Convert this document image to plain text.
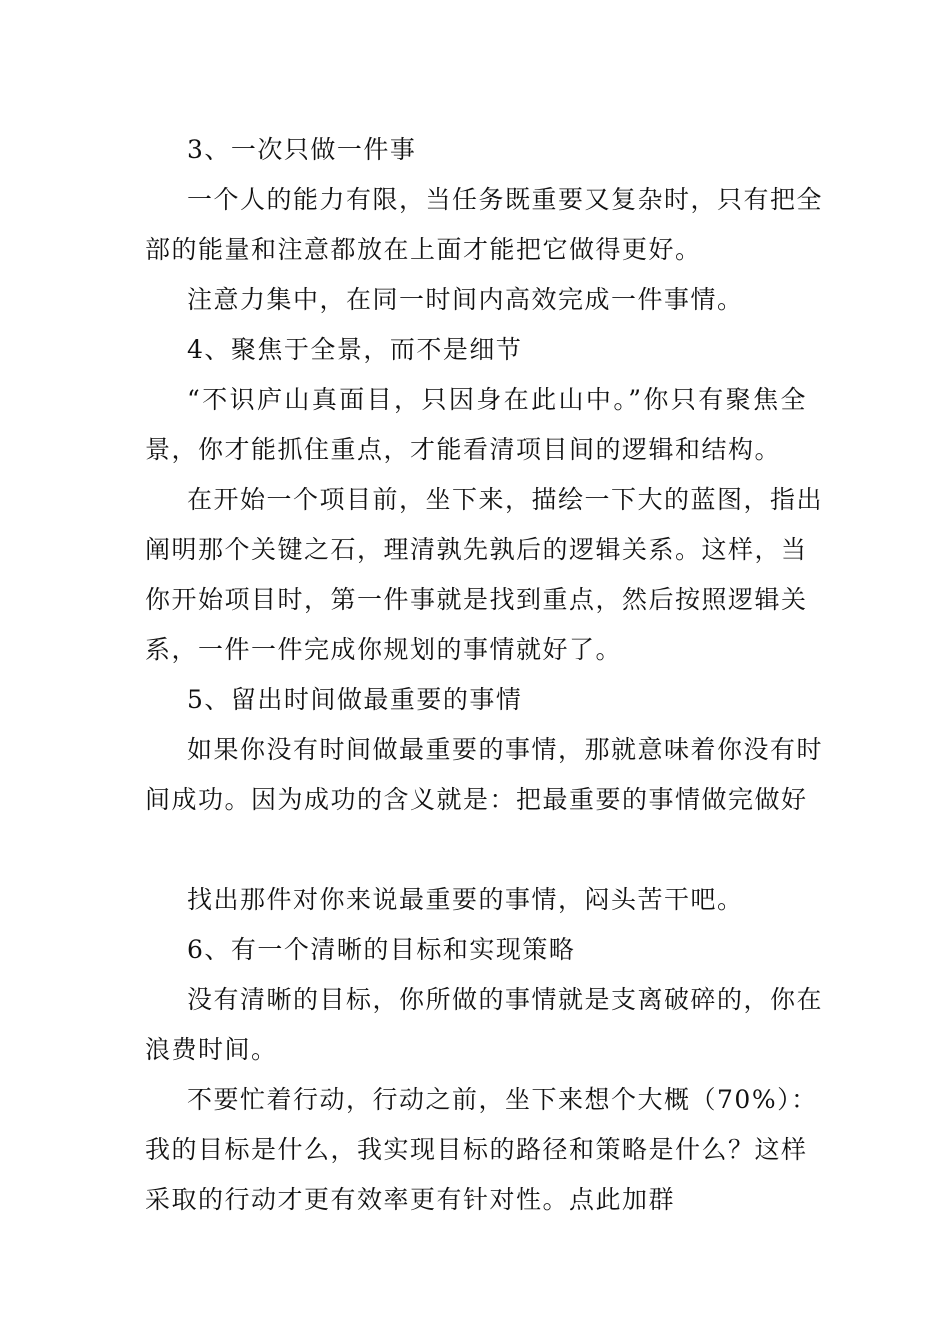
3、一次只做一件事
一个人的能力有限，当任务既重要又复杂时，只有把全
部的能量和注意都放在上面才能把它做得更好。
注意力集中，在同一时间内高效完成一件事情。
4、聚焦于全景，而不是细节
“不识庐山真面目，只因身在此山中。”你只有聚焦全
景，你才能抓住重点，才能看清项目间的逻辑和结构。
在开始一个项目前，坐下来，描绘一下大的蓝图，指出
阐明那个关键之石，理清孰先孰后的逻辑关系。这样，当
你开始项目时，第一件事就是找到重点，然后按照逻辑关
系，一件一件完成你规划的事情就好了。
5、留出时间做最重要的事情
如果你没有时间做最重要的事情，那就意味着你没有时
间成功。因为成功的含义就是：把最重要的事情做完做好
找出那件对你来说最重要的事情，闷头苦干吧。
6、有一个清晰的目标和实现策略
没有清晰的目标，你所做的事情就是支离破碎的，你在
浪费时间。
不要忙着行动，行动之前，坐下来想个大概（70%）：
我的目标是什么，我实现目标的路径和策略是什么？这样
采取的行动才更有效率更有针对性。点此加群
